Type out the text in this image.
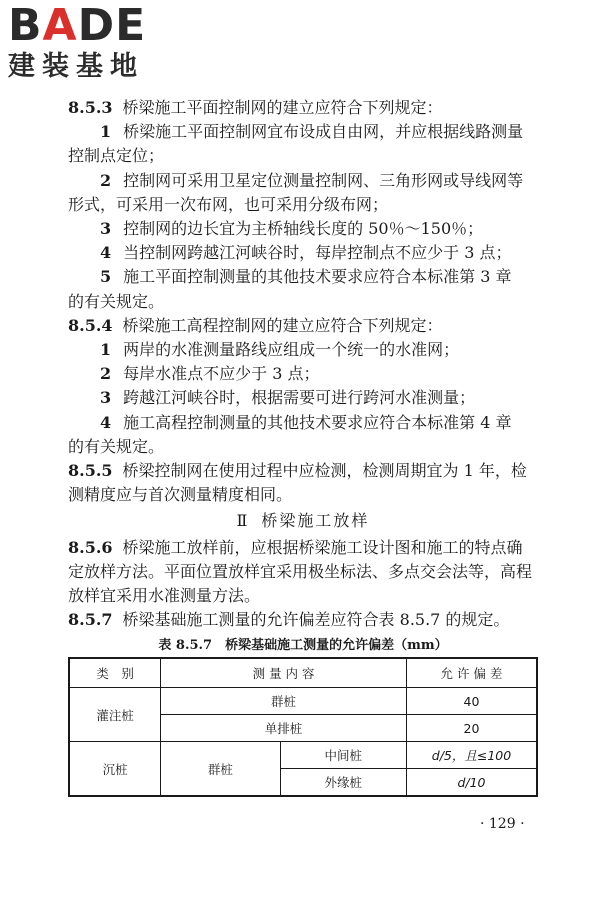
BADE
建装基地
8.5.3 桥梁施工平面控制网的建立应符合下列规定：
1 桥梁施工平面控制网宜布设成自由网，并应根据线路测量
控制点定位；
2 控制网可采用卫星定位测量控制网、三角形网或导线网等
形式，可采用一次布网，也可采用分级布网；
3 控制网的边长宜为主桥轴线长度的 50％～150％；
4 当控制网跨越江河峡谷时，每岸控制点不应少于 3 点；
5 施工平面控制测量的其他技术要求应符合本标准第 3 章
的有关规定。
8.5.4 桥梁施工高程控制网的建立应符合下列规定：
1 两岸的水准测量路线应组成一个统一的水准网；
2 每岸水准点不应少于 3 点；
3 跨越江河峡谷时，根据需要可进行跨河水准测量；
4 施工高程控制测量的其他技术要求应符合本标准第 4 章
的有关规定。
8.5.5 桥梁控制网在使用过程中应检测，检测周期宜为 1 年，检
测精度应与首次测量精度相同。
Ⅱ 桥梁施工放样
8.5.6 桥梁施工放样前，应根据桥梁施工设计图和施工的特点确
定放样方法。平面位置放样宜采用极坐标法、多点交会法等，高程
放样宜采用水准测量方法。
8.5.7 桥梁基础施工测量的允许偏差应符合表 8.5.7 的规定。
表 8.5.7　桥梁基础施工测量的允许偏差（mm）
类　别	测 量 内 容		允 许 偏 差
灌注桩	群桩		40
	单排桩		20
沉桩	群桩	中间桩	d/5，且≤100
		外缘桩	d/10
· 129 ·
